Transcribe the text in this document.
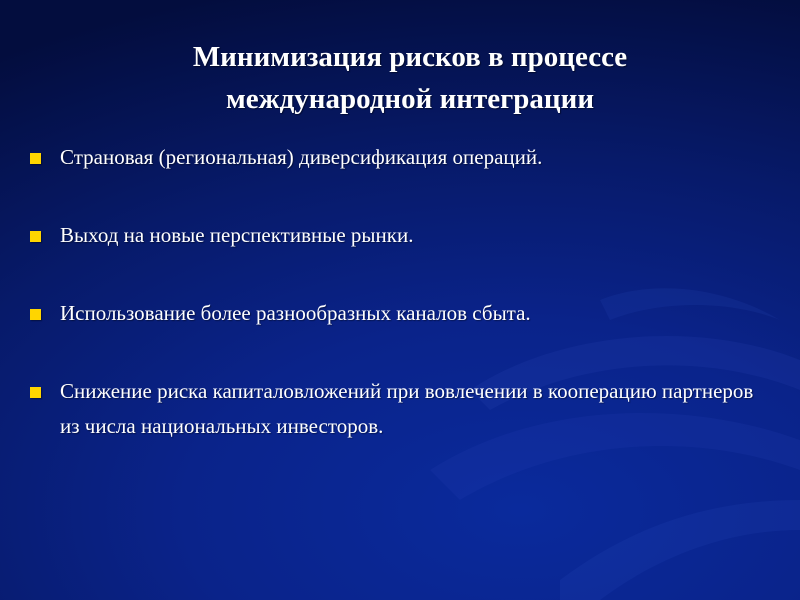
Минимизация рисков в процессе
международной интеграции
Страновая (региональная) диверсификация операций.
Выход на новые перспективные рынки.
Использование более разнообразных каналов сбыта.
Снижение риска капиталовложений при вовлечении в кооперацию партнеров из числа национальных инвесторов.
